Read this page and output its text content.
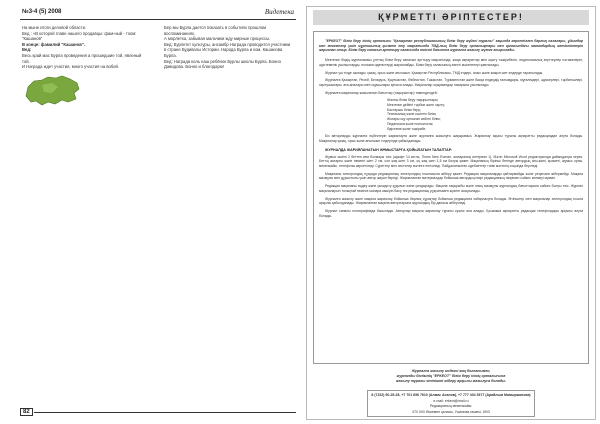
№3-4 (5) 2008	Видетека

На мыне итоги деловой области.

Вед : «В которой главе нашего продавцы: фам-ный - тоом: "Кашанов"

В конце: фамилий "Кашанов".

Вед:

Весь край мас Бурла проведения а прошедшие той, явленый той.

И Награда ждет участия, много участия на вобей.

Бер мы Бурла дается показать в событиях прошлом воспоминаниях.

А морлетка, забывая мальчики жду мирные процессы.

Вед: Бурлеткт культуры, ансамбр Награда проводится участники в стране Будивалы Истории. Народа Бурла и ком. Кашанова Бурла.

Вед: Награда коль наш ребёнок Бурлы школы Бурла. Бонно Давидова. Бонно и благодарю!

82
ҚҰРМЕТТІ ӘРІПТЕСТЕР!

"ЕРКЕОТ" білім беру ісінің орталығы "Қазақстан республикасының білім беру жүйесі туралы" заңында көрсетілген барлық салалары, ұйымдар мен мекемелер үшін жұртшылық қызмет ету мақсатында ТМД-ның білім беру орталықтары мен қаласындағы мамандардың жетістіктерін жариялап отыр. Білім беру сапасын арттыру саласында тиісті бағытта журналға жазылу жүзеге асырылады.

Мектепке біздің журналымыз ұлттық білім беру сапасын арттыру мақсатында, жаңа ақпараттар мен оқыту тәжірибесін, педагогикалық зерттеулер нәтижелерін, әдістемелік ұсыныстарды, ғылыми ізденістерді жариялайды. Білім беру саласының өзекті мәселелері қамтылады.

Журнал үш тілде шығады: қазақ, орыс және ағылшын. Қазақстан Республикасы, ТМД елдері, алыс және жақын шет елдерде таратылады.

Журналға Қазақстан, Ресей, Беларусь, Қырғызстан, Өзбекстан, Тәжікстан, Түрікменстан және басқа елдердің ғалымдары, мұғалімдері, әдіскерлері, тәрбиешілері, оқытушылары, ата-аналары мен оқушылары қатыса алады. Мақалалар оқырмандар назарына ұсынылады.

Журналға мақалалар жазылатын бағыттар (тақырыптар) төмендегідей:

Жалпы білім беру тақырыптары;
Мектепке дейінгі тәрбие және оқыту;
Бастауыш білім беру;
Техникалық және кәсіптік білім;
Жоғары оқу орнынан кейінгі білім;
Педагогика және психология;
Әдістеме және тәжірибе.

Біз авторларды журналға еңбектерін жариялауға және журналға жазылуға шақырамыз. Жариялау ақысы туралы ақпаратты редакциядан алуға болады. Мақалалар қазақ, орыс және ағылшын тілдерінде қабылданады.

ЖУРНАЛДА ЖАРИЯЛАНАТЫН ЖҰМЫСТАРҒА ҚОЙЫЛАТЫН ТАЛАПТАР:

Жұмыс мәтіні 2 беттен кем болмауы тиіс (шрифт 14 кегль, Times New Roman, жоларалық интервал 1). Мәтін Microsoft Word редакторында дайындалуы керек. Беттің жоғарғы және төменгі шеті 2 см, сол жақ шеті 3 см, оң жақ шеті 1,5 см болуы қажет. Мақаланың бірінші бетінде автордың аты-жөні, қызметі, жұмыс орны, мекенжайы, телефоны көрсетіледі. Суреттер мен кестелер мәтінге енгізіледі. Пайдаланылған әдебиеттер тізімі мәтіннің соңында беріледі.

Мақаланы электрондық нұсқада редакцияның электрондық поштасына жіберу қажет. Редакция мақалаларды қайтармайды және рецензия жібермейді. Мақала мазмұны мен дұрыстығы үшін автор жауап береді. Жарияланған материалдар бойынша автордың пікірі редакцияның пікірімен сәйкес келмеуі мүмкін.

Редакция мақаланы өңдеу және қысқарту құқығын өзіне қалдырады. Мақала тақырыбы және оның мазмұны журналдың бағыттарына сәйкес болуы тиіс. Журнал мақалаларын толықтай немесе ішінара көшіріп басу тек редакцияның рұқсатымен жүзеге асырылады.

Журналға жазылу және мақала жариялау бойынша барлық сұрақтар бойынша редакцияға хабарласуға болады. Өтініштер мен мақалалар электрондық пошта арқылы қабылданады. Жарияланған мақала авторларына журналдың бір данасы жіберіледі.

Журнал сапалы полиграфияда басылады. Авторлар мақала жариялау туралы куәлік ала алады. Қосымша ақпаратты редакция телефондары арқылы алуға болады.

Журналға жазылу индексі жоқ болғанымен,
журналды бөлімнің "ЕРКЕОТ" білім беру ісінің орталығына
жазылу туралы өтінішті жіберу арқылы жазылуға болады.
8 (7232) 50-25-28, +7 701 696 7610 (Алмас Асанов), +7 777 404 5377 (Арайлым Мамыржанова)
e-mail: erkeot@mail.ru
Редакцияның мекенжайы:
070 000 Өскемен қаласы, Ушанова көшесі, 69/3
